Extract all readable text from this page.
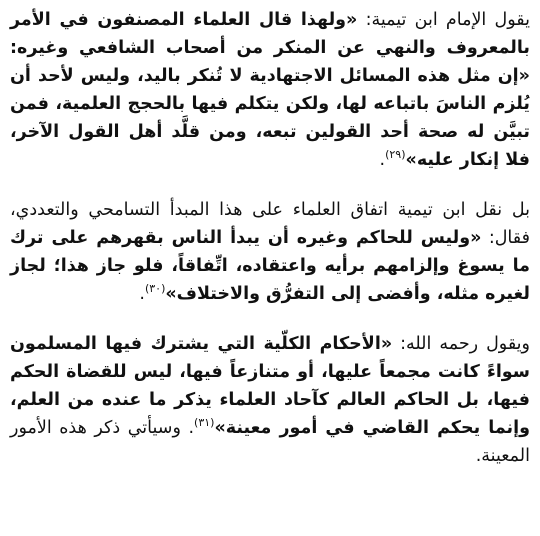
يقول الإمام ابن تيمية: «ولهذا قال العلماء المصنفون في الأمر بالمعروف والنهي عن المنكر من أصحاب الشافعي وغيره: «إن مثل هذه المسائل الاجتهادية لا تُنكر باليد، وليس لأحد أن يُلزم الناسَ باتباعه لها، ولكن يتكلم فيها بالحجج العلمية، فمن تبيَّن له صحة أحد القولين تبعه، ومن قلَّد أهل القول الآخر، فلا إنكار عليه»$^{(٢٩)}$.

بل نقل ابن تيمية اتفاق العلماء على هذا المبدأ التسامحي والتعددي، فقال: «وليس للحاكم وغيره أن يبدأ الناس بقهرهم على ترك ما يسوغ وإلزامهم برأيه واعتقاده، اتِّفاقاً، فلو جاز هذا؛ لجاز لغيره مثله، وأفضى إلى التفرُّق والاختلاف»$^{(٣٠)}$.

ويقول رحمه الله: «الأحكام الكلّية التي يشترك فيها المسلمون سواءً كانت مجمعاً عليها، أو متنازعاً فيها، ليس للقضاة الحكم فيها، بل الحاكم العالم كآحاد العلماء يذكر ما عنده من العلم، وإنما يحكم القاضي في أمور معينة»$^{(٣١)}$. وسيأتي ذكر هذه الأمور المعينة.
